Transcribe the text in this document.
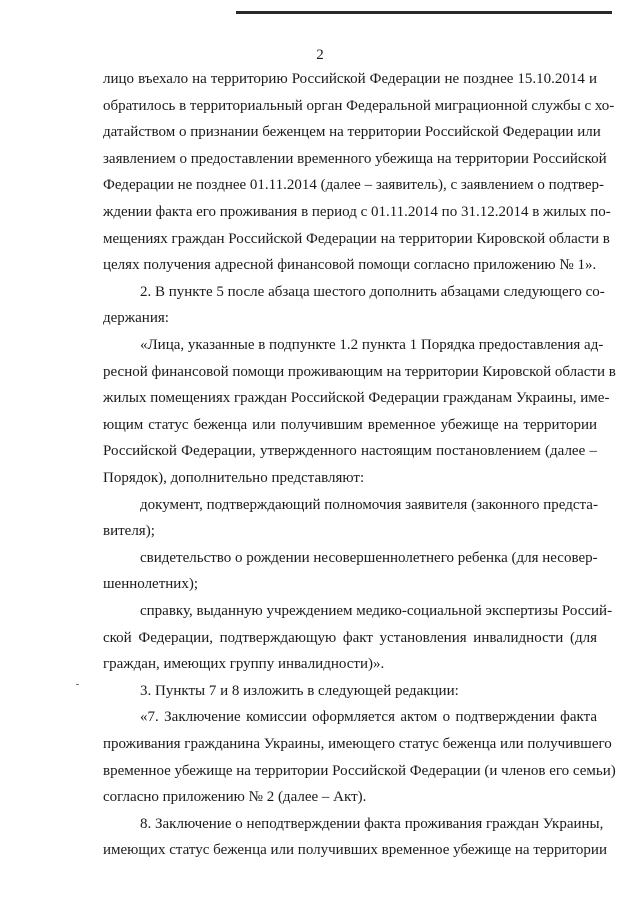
2
лицо въехало на территорию Российской Федерации не позднее 15.10.2014 и
обратилось в территориальный орган Федеральной миграционной службы с хо-
датайством о признании беженцем на территории Российской Федерации или
заявлением о предоставлении временного убежища на территории Российской
Федерации не позднее 01.11.2014 (далее – заявитель), с заявлением о подтвер-
ждении факта его проживания в период с 01.11.2014 по 31.12.2014 в жилых по-
мещениях граждан Российской Федерации на территории Кировской области в
целях получения адресной финансовой помощи согласно приложению № 1».
2. В пункте 5 после абзаца шестого дополнить абзацами следующего со-
держания:
«Лица, указанные в подпункте 1.2 пункта 1 Порядка предоставления ад-
ресной финансовой помощи проживающим на территории Кировской области в
жилых помещениях граждан Российской Федерации гражданам Украины, име-
ющим статус беженца или получившим временное убежище на территории
Российской Федерации, утвержденного настоящим постановлением (далее –
Порядок), дополнительно представляют:
документ, подтверждающий полномочия заявителя (законного предста-
вителя);
свидетельство о рождении несовершеннолетнего ребенка (для несовер-
шеннолетних);
справку, выданную учреждением медико-социальной экспертизы Россий-
ской Федерации, подтверждающую факт установления инвалидности (для
граждан, имеющих группу инвалидности)».
3. Пункты 7 и 8 изложить в следующей редакции:
«7. Заключение комиссии оформляется актом о подтверждении факта
проживания гражданина Украины, имеющего статус беженца или получившего
временное убежище на территории Российской Федерации (и членов его семьи)
согласно приложению № 2 (далее – Акт).
8. Заключение о неподтверждении факта проживания граждан Украины,
имеющих статус беженца или получивших временное убежище на территории
